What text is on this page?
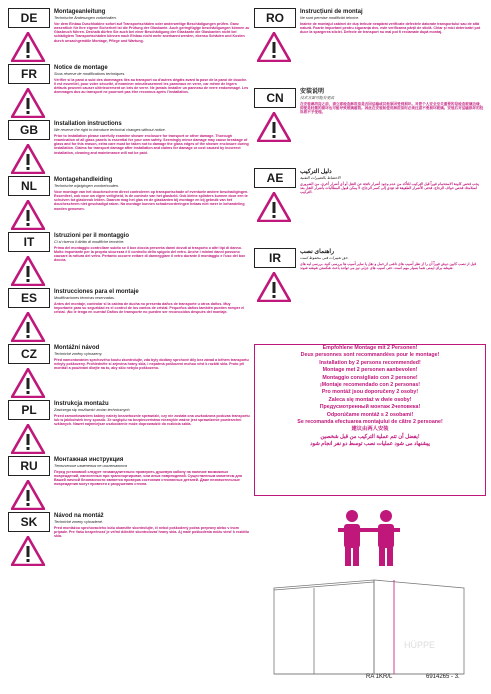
DE	Montageanleitung

Technische Änderungen vorbehalten.

Vor dem Einbau Duschkabine sofort auf Transportschäden oder anderweitige Beschädigungen prüfen. Ganz wesentlich für Ihre eigene Sicherheit ist die Prüfung der Glaskante. Auch geringfügige beschädigungen können zu Glasbruch führen. Deshalb dürfen Sie auch bei einer Beschädigung der Glaskante die Glaskanten nicht bei schädigtem Transportschäden können nach Einbau nicht mehr anerkannt werden, ebenso Schäden und Kosten durch unsachgemäße Montage, Pflege und Wartung.

FR	Notice de montage

Sous réserve de modifications techniques.

Vérifier si la paroi a subi des dommages liés au transport ou d'autres dégâts avant la pose de la paroi de douche. Il est essentiel, pour votre sécurité, d'examiner minutieusement les panneaux en verre, car même de légers défauts peuvent causer ultérieurement un bris de verre. Ne jamais installer un panneau de verre endommagé. Les dommages dus au transport ne pourront pas être reconnus après l'installation.

GB	Installation instructions

We reserve the right to introduce technical changes without notice.

Prior to installation please carefully examine shower enclosure for transport or other damage. Thorough examination of all glass panels is essential for your own safety. Seemingly minor damage may cause breakage of glass and for this reason, extra care must be taken not to damage the glass edges of the shower enclosure during installation. Claims for transport damage after installation and claims for damage or cost caused by incorrect installation, cleaning and maintenance will not be paid.

NL	Montagehandleiding

Technische wijzigingen voorbehouden.

Voor montage van het douchescherm direct controleren op transportschade of eventuele andere beschadigingen. Essentieel, ook voor uw eigen veiligheid, is de controle van het glasbeld. Ook kleine splinters kunnen door een te schuiven tot glasbreuk leiden. Daarom mag het glas en de glaskanten bij montage en bij gebruik van het douchescherm niet geschadigd raken. Na montage kunnen schadevorderingen helaas niet meer in behandeling worden genomen.

IT	Istruzioni per il montaggio

Ci si riserva il diritto di modifiche tecniche.

Prima del montaggio controllare subito se il box doccia presenta danni dovuti al trasporto o altri tipi di danno. Molto importante per la propria sicurezza è il controllo dello spigolo del vetro. Anche i minimi danni possono causare la rottura del vetro. Pertanto occorre evitare di danneggiare il vetro durante il montaggio e l'uso del box doccia.

ES	Instrucciones para el montaje

Modificaciones técnicas reservadas.

Antes del montaje, controlar si la cabina de ducha no presenta daños de transporte u otros daños. Muy importante para su seguridad es el control de los cantos de cristal. Pequeños daños también pueden romper el cristal. ¡No le tenga en cuenta! Daños de transporte no pueden ser reconocidos después del montaje.

CZ	Montážní návod

Technické změny vyhrazeny.

Před namontováním sprchového koutu zkontrolujte, zda byly dodány sprchové díly bez závad a během transportu nebyly poškozeny. Prohlédněte si zejména hrany skla, i nepatrná poškození mohou vést k rozbití skla. Proto při montáži a používání dbejte na to, aby sklo nebylo poškozeno.

PL	Instrukcja montażu

Zastrzega się możliwość zmian technicznych.

Przed zamontowaniem kabiny należy bezzwłocznie sprawdzić, czy nie została ona uszkodzona podczas transportu lub w jakikolwiek inny sposób. Ze względu na bezpieczeństwo niezwykle ważne jest sprawdzenie powierzchni szklanych. Nawet najmniejsze uszkodzenie może doprowadzić do rozbicia szkła.

RU	Монтажная инструкция

Технические изменения не исключаются

Перед установкой следует незамедлительно проверить душевую кабину на наличие возможных повреждений, нанесенных при транспортировке, или иных повреждений. Существенным моментом для Вашей личной безопасности является проверка состояния стеклянных деталей. Даже незначительные повреждения могут привести к разрушению стекла.

SK	Návod na montáž

Technické zmeny vyhradené.

Pred montážou sprchovacieho kútu okamžite skontrolujte, či nebol poškodený počas prepravy alebo v inom prípade. Pre Vašu bezpečnosť je veľmi dôležité skontrolovať hrany skla. Aj malé poškodenia môžu viesť k rozbitiu skla.

RO	Instrucțiuni de montaj

Ne sunt permise modificări tehnice.

Inainte de montajul cabinei de duș trebuie neapărat verificate defectele datorate transportului sau de altă natură. Foarte important pentru siguranța dvs. este verificarea părții de sticlă. Chiar și mici deteriorări pot duce la spargerea sticlei. Defecte de transport nu mai pot fi reclamate după montaj.

CN	安装说明

技术方面可能有更改

在安装淋浴房之前，请立即检查淋浴房是否因运输或其他原因受到损坏。对您个人安全至关重要的是检查玻璃边缘，即使是轻微的损坏也可能导致玻璃破裂。因此在安装和使用淋浴房时必须注意不要损坏玻璃。安装后对运输损坏的投诉将不予受理。

AE	دليل التركيب

الاحتفاظ بالتغييرات التقنية

يجب فحص كابينة الاستحمام فوراً قبل التركيب للتأكد من عدم وجود أضرار ناتجة عن النقل أو أي أضرار أخرى. من الضروري لسلامتك فحص حواف الزجاج، فحتى الأضرار الطفيفة قد تؤدي إلى كسر الزجاج. لا يمكن قبول المطالبات بأضرار النقل بعد التركيب.

IR	راهنمای نصب

حق تغییرات فنی محفوظ است.

قبل از نصب کابین دوش فوراً آن را از نظر آسیب های ناشی از حمل و نقل یا سایر آسیب ها بررسی کنید. بررسی لبه های شیشه برای ایمنی شما بسیار مهم است. حتی آسیب های جزئی نیز می توانند باعث شکستن شیشه شوند.

Empfohlene Montage mit 2 Personen!
Deux personnes sont recommandées pour le montage!
Installation by 2 persons recommended!
Montage met 2 personen aanbevolen!
Montaggio consigliato con 2 persone!
¡Montaje recomendado con 2 personas!
Pro montáž jsou doporučeny 2 osoby!
Zaleca się montaż w dwie osoby!
Предусмотренный монтаж 2чеповека!
Odporúčame montáž s 2 osobami!
Se recomanda efectuarea montajului de către 2 persoane!
建议由两人安装
يفضل أن تتم عملية التركيب من قبل شخصين!
پیشنهاد می شود عملیات نصب توسط دو نفر انجام شود
HÜPPE
RA 1KR/L	6914265 - 3.
